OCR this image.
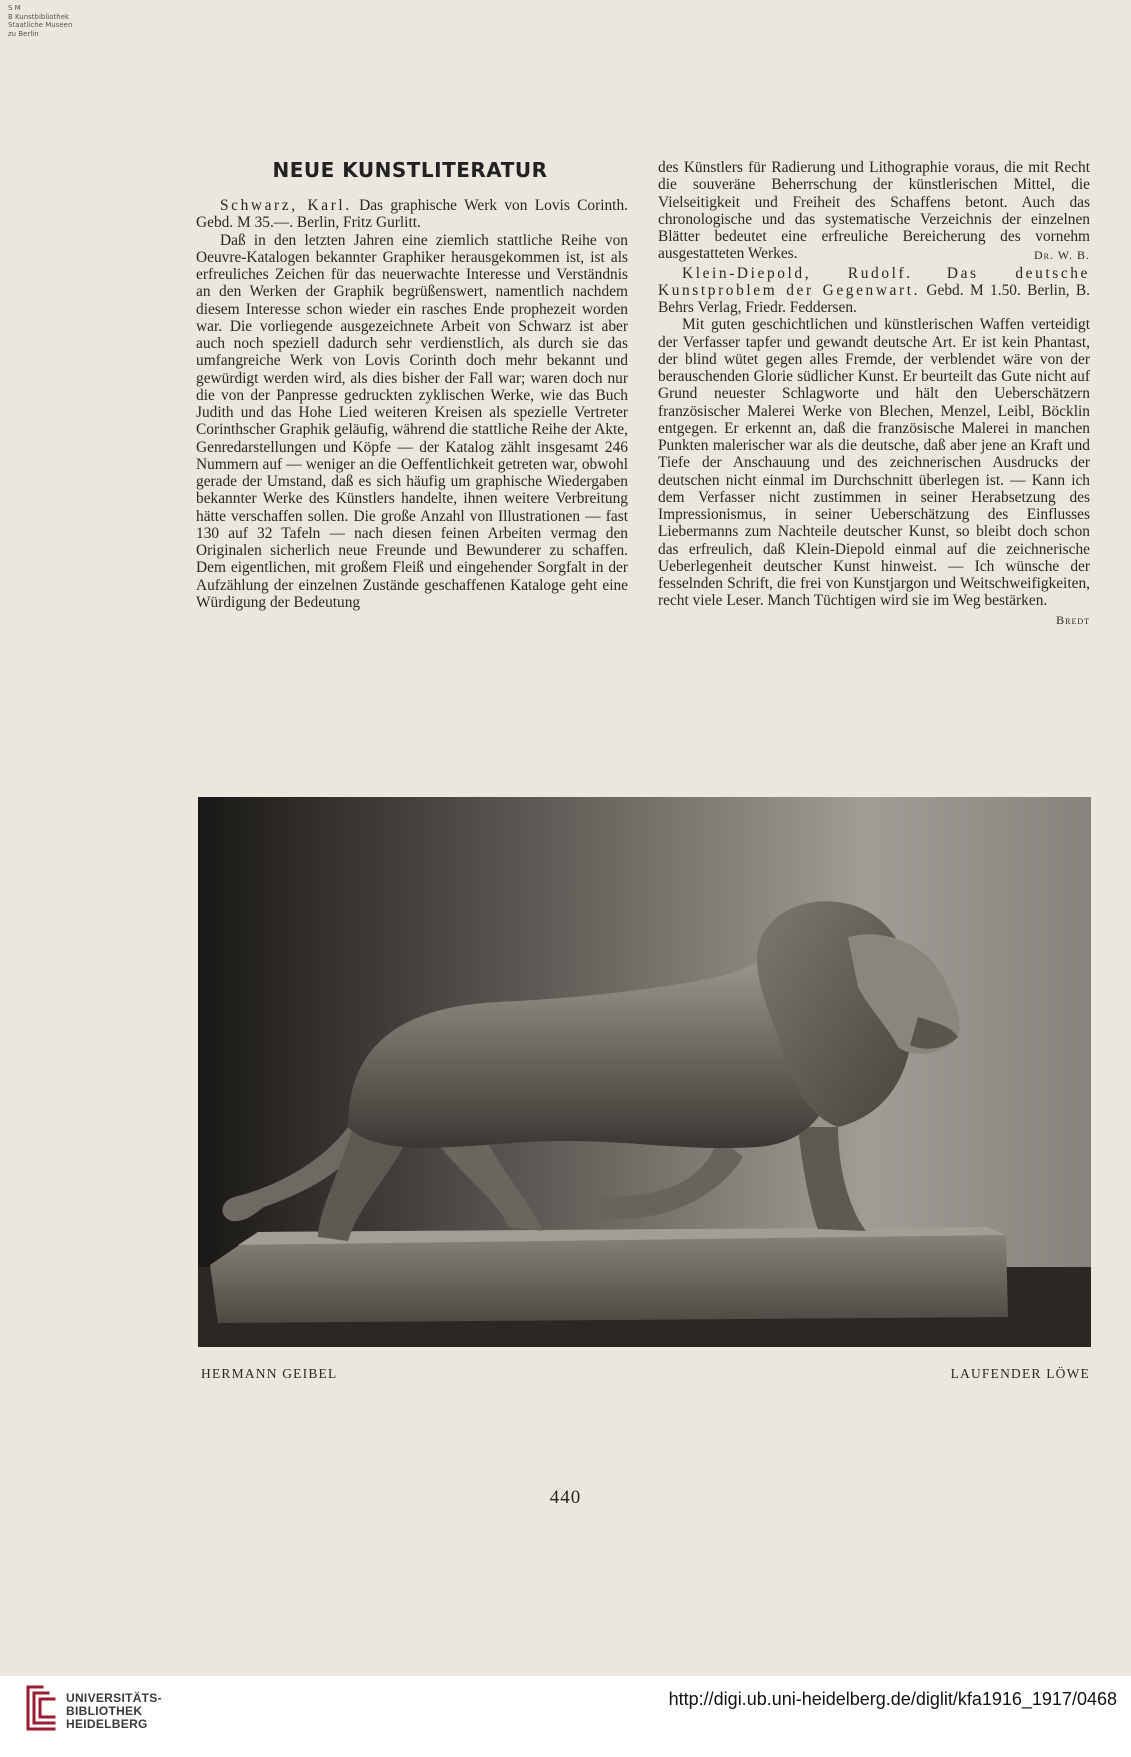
S M
B Kunstbibliothek
Staatliche Museen
zu Berlin
NEUE KUNSTLITERATUR

Schwarz, Karl. Das graphische Werk von Lovis Corinth. Gebd. M 35.—. Berlin, Fritz Gurlitt.

Daß in den letzten Jahren eine ziemlich stattliche Reihe von Oeuvre-Katalogen bekannter Graphiker herausgekommen ist, ist als erfreuliches Zeichen für das neuerwachte Interesse und Verständnis an den Werken der Graphik begrüßenswert, namentlich nachdem diesem Interesse schon wieder ein rasches Ende prophezeit worden war. Die vorliegende ausgezeichnete Arbeit von Schwarz ist aber auch noch speziell dadurch sehr verdienstlich, als durch sie das umfangreiche Werk von Lovis Corinth doch mehr bekannt und gewürdigt werden wird, als dies bisher der Fall war; waren doch nur die von der Panpresse gedruckten zyklischen Werke, wie das Buch Judith und das Hohe Lied weiteren Kreisen als spezielle Vertreter Corinthscher Graphik geläufig, während die stattliche Reihe der Akte, Genredarstellungen und Köpfe — der Katalog zählt insgesamt 246 Nummern auf — weniger an die Oeffentlichkeit getreten war, obwohl gerade der Umstand, daß es sich häufig um graphische Wiedergaben bekannter Werke des Künstlers handelte, ihnen weitere Verbreitung hätte verschaffen sollen. Die große Anzahl von Illustrationen — fast 130 auf 32 Tafeln — nach diesen feinen Arbeiten vermag den Originalen sicherlich neue Freunde und Bewunderer zu schaffen. Dem eigentlichen, mit großem Fleiß und eingehender Sorgfalt in der Aufzählung der einzelnen Zustände geschaffenen Kataloge geht eine Würdigung der Bedeutung

des Künstlers für Radierung und Lithographie voraus, die mit Recht die souveräne Beherrschung der künstlerischen Mittel, die Vielseitigkeit und Freiheit des Schaffens betont. Auch das chronologische und das systematische Verzeichnis der einzelnen Blätter bedeutet eine erfreuliche Bereicherung des vornehm ausgestatteten Werkes.	Dr. W. B.

Klein-Diepold, Rudolf. Das deutsche Kunstproblem der Gegenwart. Gebd. M 1.50. Berlin, B. Behrs Verlag, Friedr. Feddersen.

Mit guten geschichtlichen und künstlerischen Waffen verteidigt der Verfasser tapfer und gewandt deutsche Art. Er ist kein Phantast, der blind wütet gegen alles Fremde, der verblendet wäre von der berauschenden Glorie südlicher Kunst. Er beurteilt das Gute nicht auf Grund neuester Schlagworte und hält den Ueberschätzern französischer Malerei Werke von Blechen, Menzel, Leibl, Böcklin entgegen. Er erkennt an, daß die französische Malerei in manchen Punkten malerischer war als die deutsche, daß aber jene an Kraft und Tiefe der Anschauung und des zeichnerischen Ausdrucks der deutschen nicht einmal im Durchschnitt überlegen ist. — Kann ich dem Verfasser nicht zustimmen in seiner Herabsetzung des Impressionismus, in seiner Ueberschätzung des Einflusses Liebermanns zum Nachteile deutscher Kunst, so bleibt doch schon das erfreulich, daß Klein-Diepold einmal auf die zeichnerische Ueberlegenheit deutscher Kunst hinweist. — Ich wünsche der fesselnden Schrift, die frei von Kunstjargon und Weitschweifigkeiten, recht viele Leser. Manch Tüchtigen wird sie im Weg bestärken.
Bredt

HERMANN GEIBEL	LAUFENDER LÖWE
440
UNIVERSITÄTS-
BIBLIOTHEK
HEIDELBERG
http://digi.ub.uni-heidelberg.de/diglit/kfa1916_1917/0468
